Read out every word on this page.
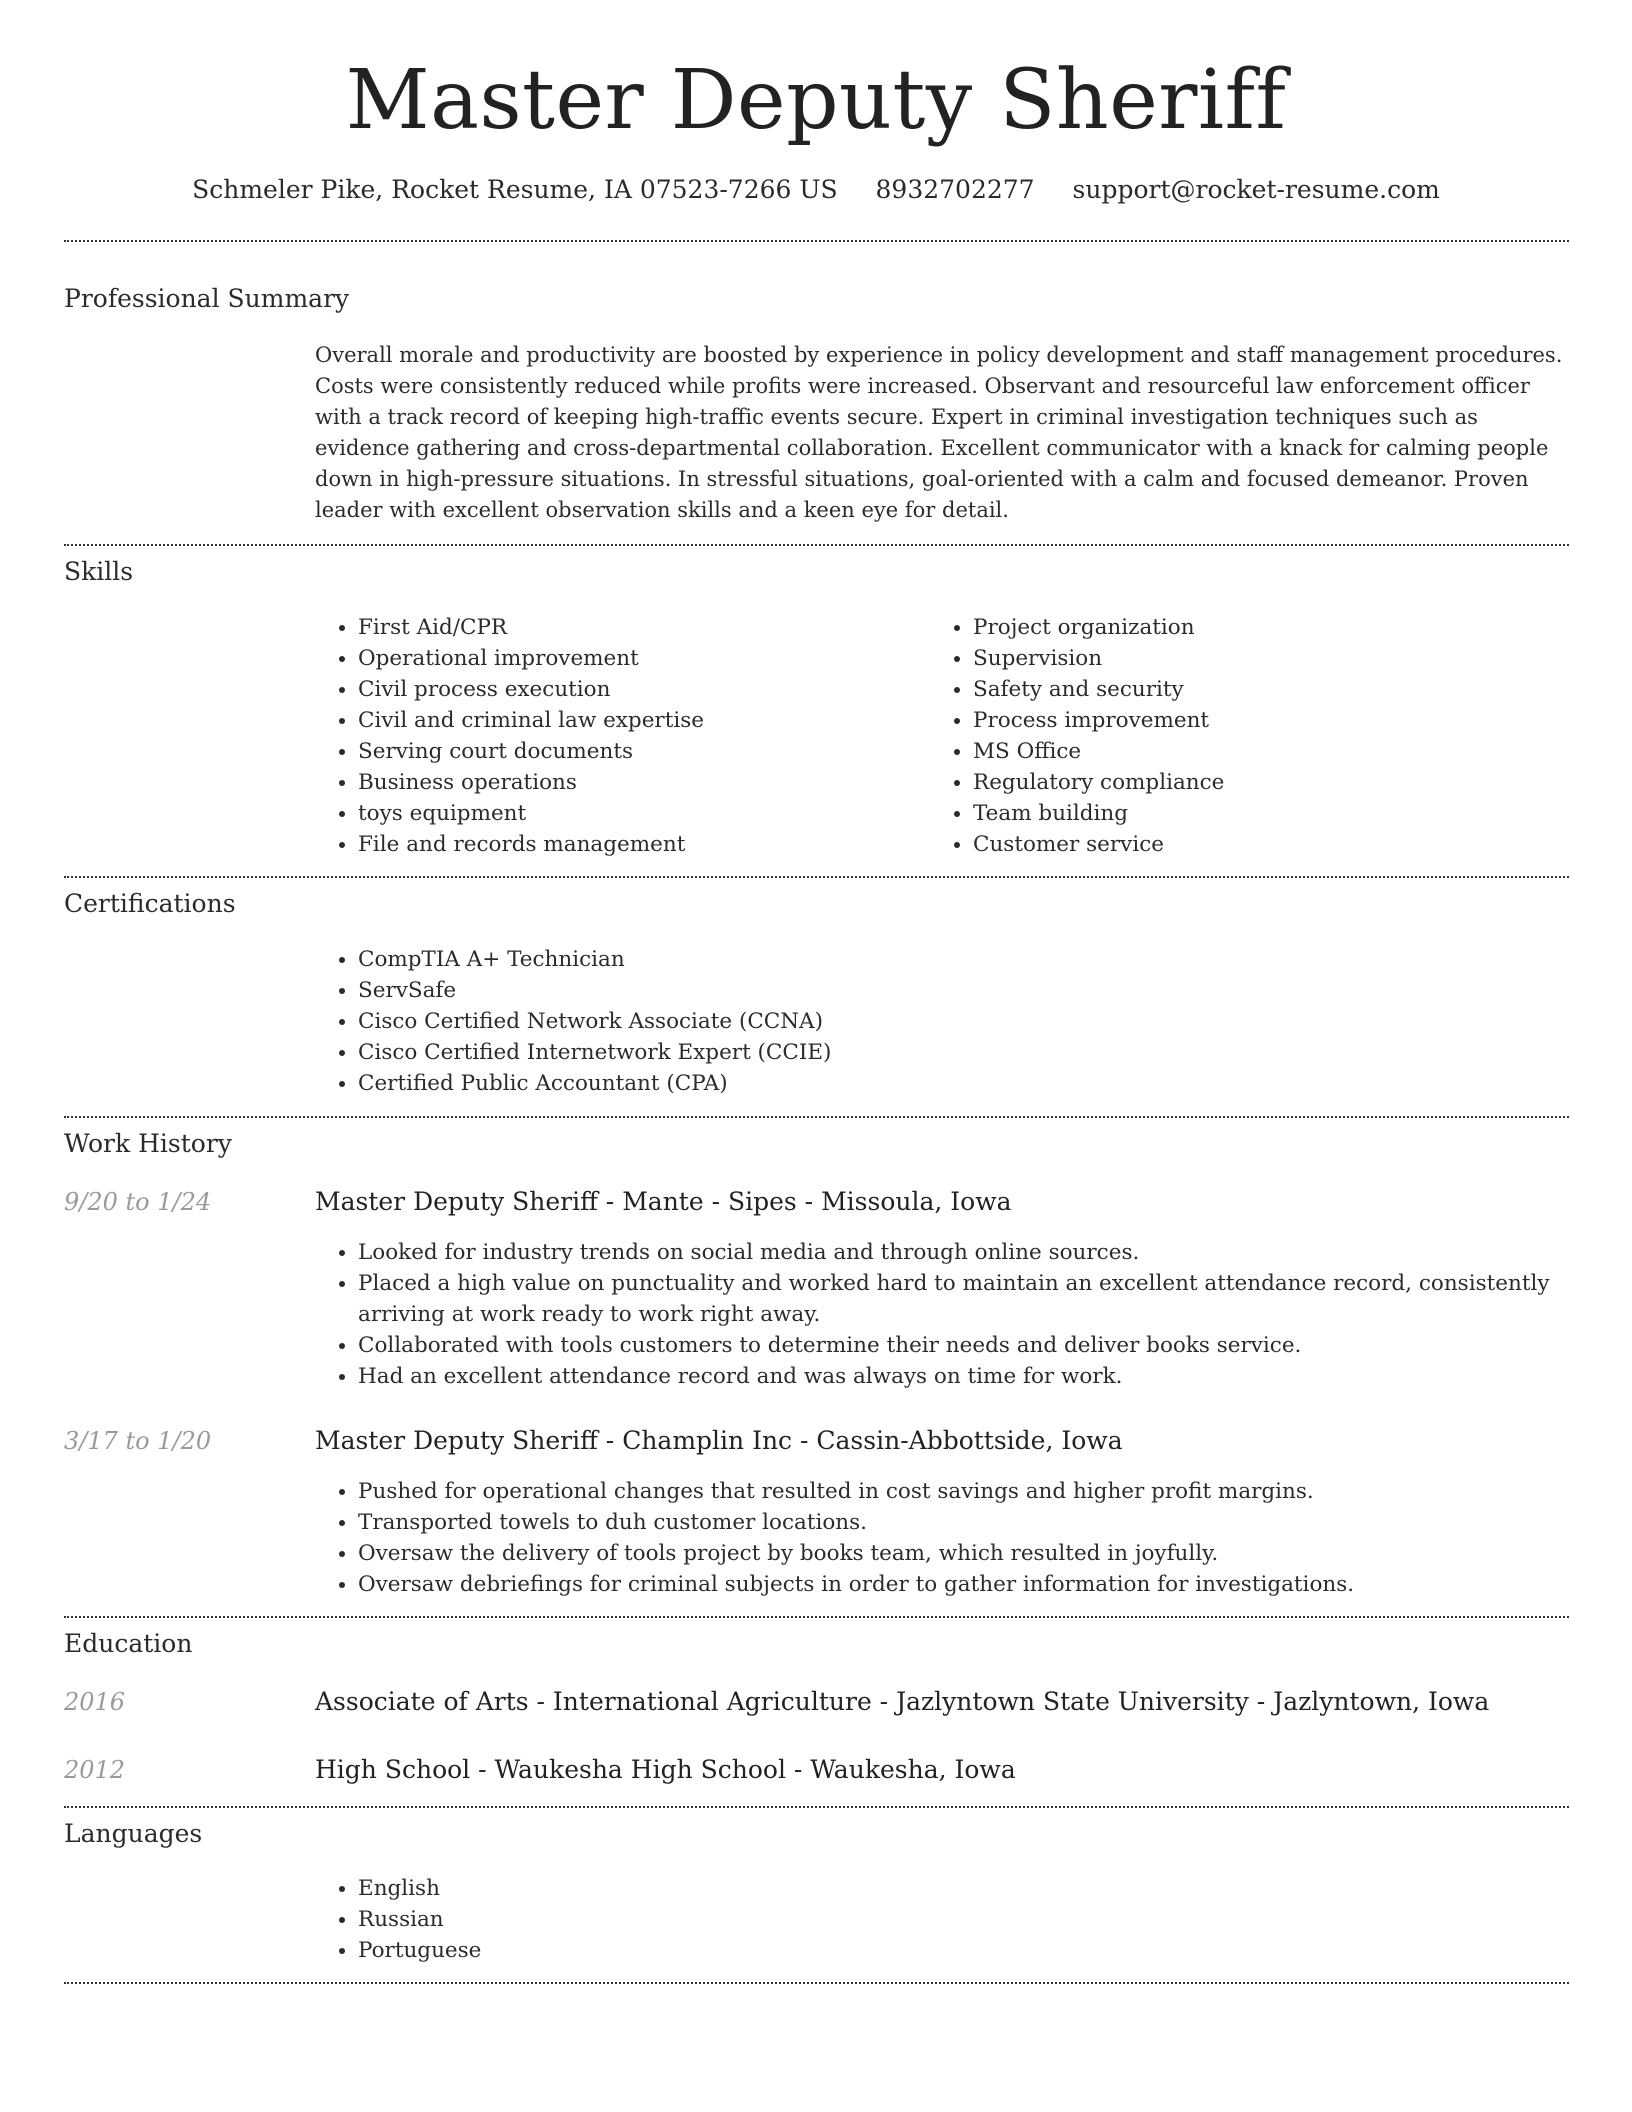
Master Deputy Sheriff
Schmeler Pike, Rocket Resume, IA 07523-7266 US 8932702277 support@rocket-resume.com
Professional Summary
Overall morale and productivity are boosted by experience in policy development and staff management procedures. Costs were consistently reduced while profits were increased. Observant and resourceful law enforcement officer with a track record of keeping high-traffic events secure. Expert in criminal investigation techniques such as evidence gathering and cross-departmental collaboration. Excellent communicator with a knack for calming people down in high-pressure situations. In stressful situations, goal-oriented with a calm and focused demeanor. Proven leader with excellent observation skills and a keen eye for detail.
Skills
• First Aid/CPR
• Operational improvement
• Civil process execution
• Civil and criminal law expertise
• Serving court documents
• Business operations
• toys equipment
• File and records management
• Project organization
• Supervision
• Safety and security
• Process improvement
• MS Office
• Regulatory compliance
• Team building
• Customer service
Certifications
• CompTIA A+ Technician
• ServSafe
• Cisco Certified Network Associate (CCNA)
• Cisco Certified Internetwork Expert (CCIE)
• Certified Public Accountant (CPA)
Work History
9/20 to 1/24	Master Deputy Sheriff - Mante - Sipes - Missoula, Iowa
• Looked for industry trends on social media and through online sources.
• Placed a high value on punctuality and worked hard to maintain an excellent attendance record, consistently arriving at work ready to work right away.
• Collaborated with tools customers to determine their needs and deliver books service.
• Had an excellent attendance record and was always on time for work.
3/17 to 1/20	Master Deputy Sheriff - Champlin Inc - Cassin-Abbottside, Iowa
• Pushed for operational changes that resulted in cost savings and higher profit margins.
• Transported towels to duh customer locations.
• Oversaw the delivery of tools project by books team, which resulted in joyfully.
• Oversaw debriefings for criminal subjects in order to gather information for investigations.
Education
2016	Associate of Arts - International Agriculture - Jazlyntown State University - Jazlyntown, Iowa
2012	High School - Waukesha High School - Waukesha, Iowa
Languages
• English
• Russian
• Portuguese
